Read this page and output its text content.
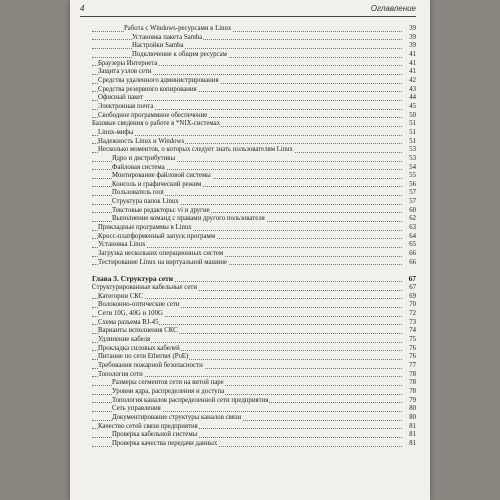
4	Оглавление
Работа с Windows-ресурсами в Linux	39
Установка пакета Samba	39
Настройки Samba	39
Подключение к общим ресурсам	41
Браузеры Интернета	41
Защита узлов сети	41
Средства удаленного администрирования	42
Средства резервного копирования	43
Офисный пакет	44
Электронная почта	45
Свободное программное обеспечение	50
Базовые сведения о работе в *NIX-системах	51
Linux-мифы	51
Надежность Linux и Windows	51
Несколько моментов, о которых следует знать пользователям Linux	53
Ядро и дистрибутивы	53
Файловая система	54
Монтирование файловой системы	55
Консоль и графический режим	56
Пользователь root	57
Структура папок Linux	57
Текстовые редакторы: vi и другие	60
Выполнение команд с правами другого пользователя	62
Прикладные программы в Linux	63
Кросс-платформенный запуск программ	64
Установка Linux	65
Загрузка нескольких операционных систем	66
Тестирование Linux на виртуальной машине	66
Глава 3. Структура сети	67
Структурированные кабельные сети	67
Категории СКС	69
Волоконно-оптические сети	70
Сети 10G, 40G и 100G	72
Схема разъема RJ-45	73
Варианты исполнения СКС	74
Удлинение кабеля	75
Прокладка силовых кабелей	76
Питание по сети Ethernet (PoE)	76
Требования пожарной безопасности	77
Топология сети	78
Размеры сегментов сети на витой паре	78
Уровни ядра, распределения и доступа	78
Топология каналов распределенной сети предприятия	79
Сеть управления	80
Документирование структуры каналов связи	80
Качество сетей связи предприятия	81
Проверка кабельной системы	81
Проверка качества передачи данных	81
